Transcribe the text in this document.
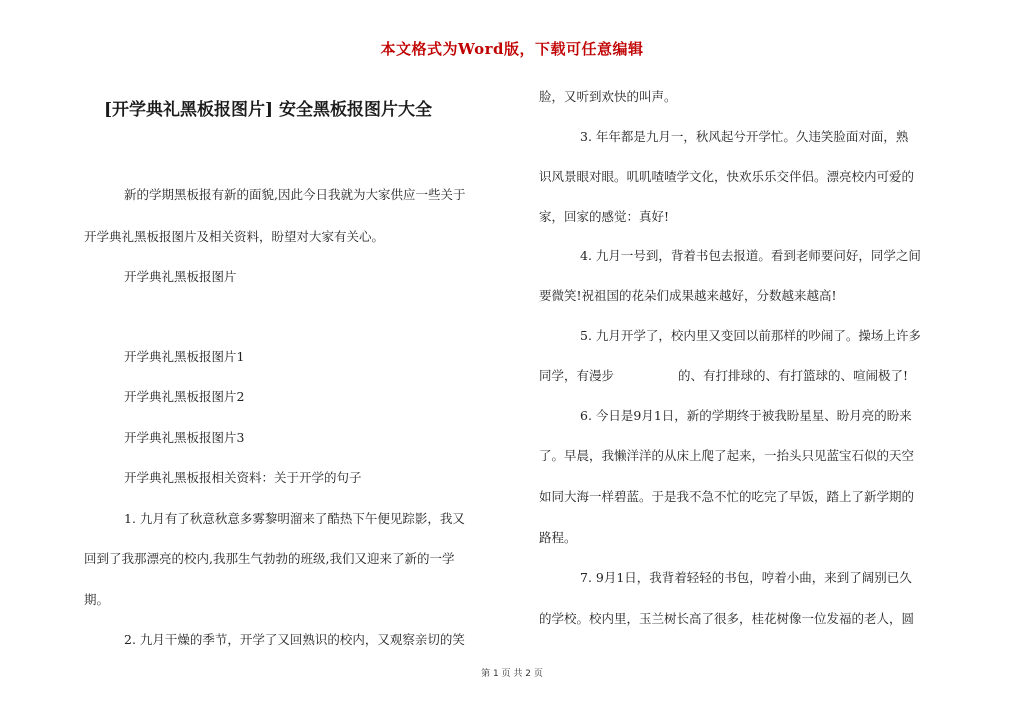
本文格式为Word版，下载可任意编辑
[开学典礼黑板报图片] 安全黑板报图片大全
新的学期黑板报有新的面貌,因此今日我就为大家供应一些关于
开学典礼黑板报图片及相关资料，盼望对大家有关心。
开学典礼黑板报图片
开学典礼黑板报图片1
开学典礼黑板报图片2
开学典礼黑板报图片3
开学典礼黑板报相关资料：关于开学的句子
1. 九月有了秋意秋意多雾黎明溜来了酷热下午便见踪影，我又
回到了我那漂亮的校内,我那生气勃勃的班级,我们又迎来了新的一学
期。
2. 九月干燥的季节，开学了又回熟识的校内，又观察亲切的笑
脸，又听到欢快的叫声。
3. 年年都是九月一，秋风起兮开学忙。久违笑脸面对面，熟
识风景眼对眼。叽叽喳喳学文化，快欢乐乐交伴侣。漂亮校内可爱的
家，回家的感觉：真好!
4. 九月一号到，背着书包去报道。看到老师要问好，同学之间
要微笑!祝祖国的花朵们成果越来越好，分数越来越高!
5. 九月开学了，校内里又变回以前那样的吵闹了。操场上许多
同学，有漫步	的、有打排球的、有打篮球的、喧闹极了!
6. 今日是9月1日，新的学期终于被我盼星星、盼月亮的盼来
了。早晨，我懒洋洋的从床上爬了起来，一抬头只见蓝宝石似的天空
如同大海一样碧蓝。于是我不急不忙的吃完了早饭，踏上了新学期的
路程。
7. 9月1日，我背着轻轻的书包，哼着小曲，来到了阔别已久
的学校。校内里，玉兰树长高了很多，桂花树像一位发福的老人，圆
第 1 页 共 2 页
